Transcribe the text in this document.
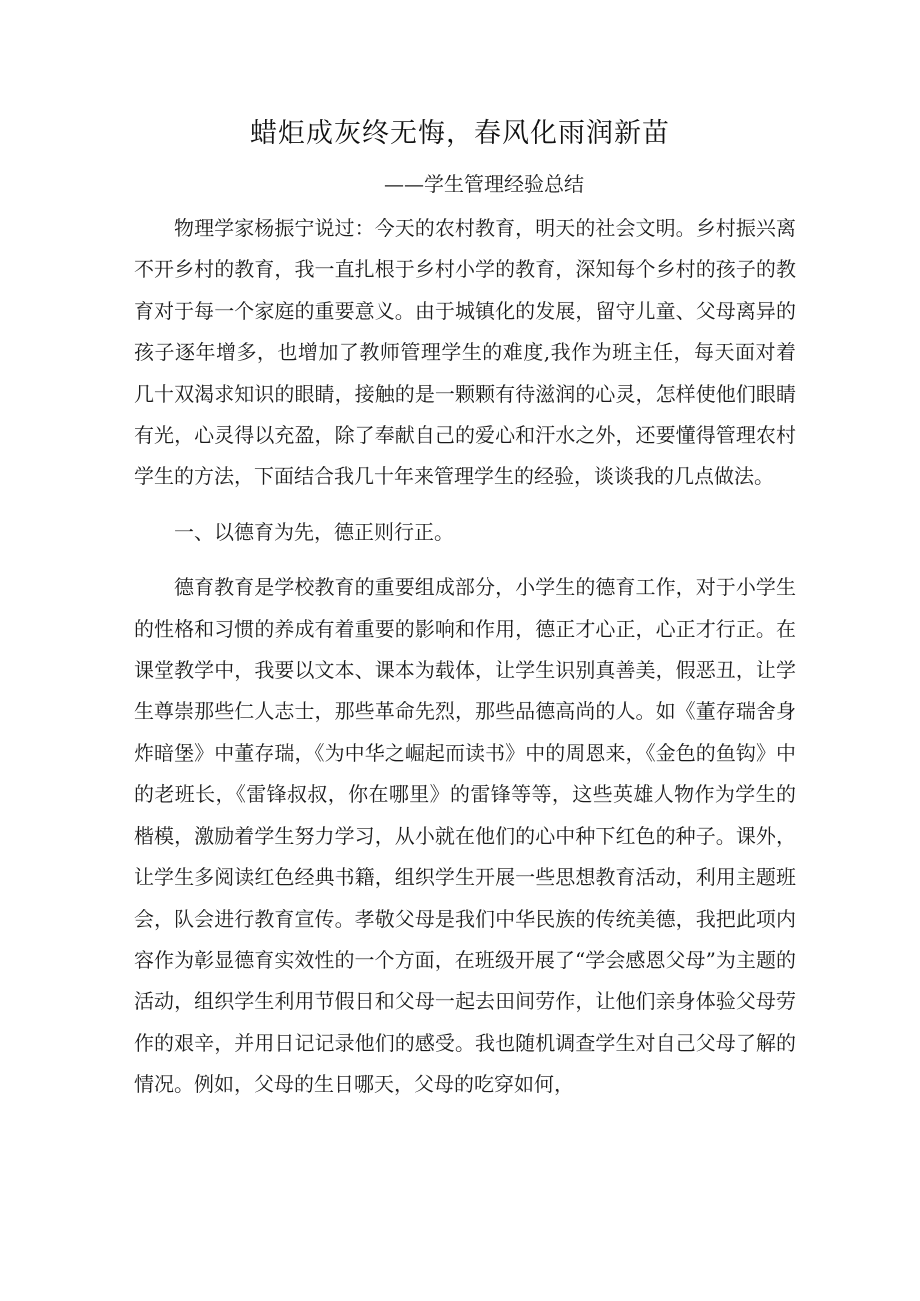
蜡炬成灰终无悔，春风化雨润新苗
——学生管理经验总结

物理学家杨振宁说过：今天的农村教育，明天的社会文明。乡村振兴离不开乡村的教育，我一直扎根于乡村小学的教育，深知每个乡村的孩子的教育对于每一个家庭的重要意义。由于城镇化的发展，留守儿童、父母离异的孩子逐年增多，也增加了教师管理学生的难度,我作为班主任，每天面对着几十双渴求知识的眼睛，接触的是一颗颗有待滋润的心灵，怎样使他们眼睛有光，心灵得以充盈，除了奉献自己的爱心和汗水之外，还要懂得管理农村学生的方法，下面结合我几十年来管理学生的经验，谈谈我的几点做法。

一、以德育为先，德正则行正。

德育教育是学校教育的重要组成部分，小学生的德育工作，对于小学生的性格和习惯的养成有着重要的影响和作用，德正才心正，心正才行正。在课堂教学中，我要以文本、课本为载体，让学生识别真善美，假恶丑，让学生尊崇那些仁人志士，那些革命先烈，那些品德高尚的人。如《董存瑞舍身炸暗堡》中董存瑞，《为中华之崛起而读书》中的周恩来，《金色的鱼钩》中的老班长，《雷锋叔叔，你在哪里》的雷锋等等，这些英雄人物作为学生的楷模，激励着学生努力学习，从小就在他们的心中种下红色的种子。课外，让学生多阅读红色经典书籍，组织学生开展一些思想教育活动，利用主题班会，队会进行教育宣传。孝敬父母是我们中华民族的传统美德，我把此项内容作为彰显德育实效性的一个方面，在班级开展了“学会感恩父母”为主题的活动，组织学生利用节假日和父母一起去田间劳作，让他们亲身体验父母劳作的艰辛，并用日记记录他们的感受。我也随机调查学生对自己父母了解的情况。例如，父母的生日哪天，父母的吃穿如何，
